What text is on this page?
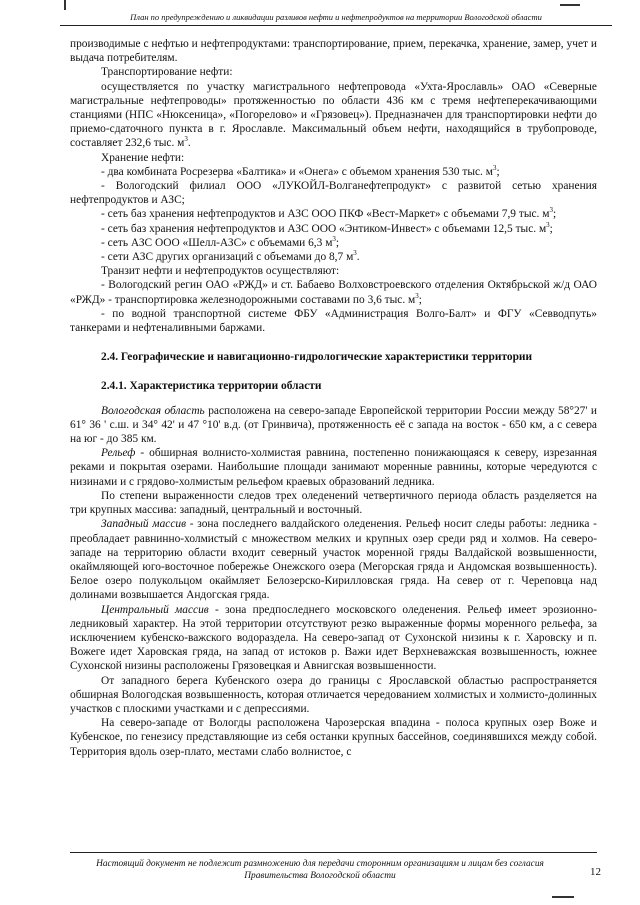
План по предупреждению и ликвидации разливов нефти и нефтепродуктов на территории Вологодской области

производимые с нефтью и нефтепродуктами: транспортирование, прием, перекачка, хранение, замер, учет и выдача потребителям.

Транспортирование нефти:

осуществляется по участку магистрального нефтепровода «Ухта-Ярославль» ОАО «Северные магистральные нефтепроводы» протяженностью по области 436 км с тремя нефтеперекачивающими станциями (НПС «Нюксеница», «Погорелово» и «Грязовец»). Предназначен для транспортировки нефти до приемо-сдаточного пункта в г. Ярославле. Максимальный объем нефти, находящийся в трубопроводе, составляет 232,6 тыс. $м^3$.

Хранение нефти:

- два комбината Росрезерва «Балтика» и «Онега» с объемом хранения 530 тыс. $м^3$;

- Вологодский филиал ООО «ЛУКОЙЛ-Волганефтепродукт» с развитой сетью хранения нефтепродуктов и АЗС;

- сеть баз хранения нефтепродуктов и АЗС ООО ПКФ «Вест-Маркет» с объемами 7,9 тыс. $м^3$;

- сеть баз хранения нефтепродуктов и АЗС ООО «Энтиком-Инвест» с объемами 12,5 тыс. $м^3$;

- сеть АЗС ООО «Шелл-АЗС» с объемами 6,3 $м^3$;

- сети АЗС других организаций с объемами до 8,7 $м^3$.

Транзит нефти и нефтепродуктов осуществляют:

- Вологодский регин ОАО «РЖД» и ст. Бабаево Волховстроевского отделения Октябрьской ж/д ОАО «РЖД» - транспортировка железнодорожными составами по 3,6 тыс. $м^3$;

- по водной транспортной системе ФБУ «Администрация Волго-Балт» и ФГУ «Севводпуть» танкерами и нефтеналивными баржами.

2.4. Географические и навигационно-гидрологические характеристики территории

2.4.1. Характеристика территории области

Вологодская область расположена на северо-западе Европейской территории России между 58°27' и 61° 36 ' с.ш. и 34° 42' и 47 °10' в.д. (от Гринвича), протяженность её с запада на восток - 650 км, а с севера на юг - до 385 км.

Рельеф - обширная волнисто-холмистая равнина, постепенно понижающаяся к северу, изрезанная реками и покрытая озерами. Наибольшие площади занимают моренные равнины, которые чередуются с низинами и с грядово-холмистым рельефом краевых образований ледника.

По степени выраженности следов трех оледенений четвертичного периода область разделяется на три крупных массива: западный, центральный и восточный.

Западный массив - зона последнего валдайского оледенения. Рельеф носит следы работы: ледника - преобладает равнинно-холмистый с множеством мелких и крупных озер среди ряд и холмов. На северо-западе на территорию области входит северный участок моренной гряды Валдайской возвышенности, окаймляющей юго-восточное побережье Онежского озера (Мегорская гряда и Андомская возвышенность). Белое озеро полукольцом окаймляет Белозерско-Кирилловская гряда. На север от г. Череповца над долинами возвышается Андогская гряда.

Центральный массив - зона предпоследнего московского оледенения. Рельеф имеет эрозионно-ледниковый характер. На этой территории отсутствуют резко выраженные формы моренного рельефа, за исключением кубенско-важского водораздела. На северо-запад от Сухонской низины к г. Харовску и п. Вожеге идет Харовская гряда, на запад от истоков р. Важи идет Верхневажская возвышенность, южнее Сухонской низины расположены Грязовецкая и Авнигская возвышенности.

От западного берега Кубенского озера до границы с Ярославской областью распространяется обширная Вологодская возвышенность, которая отличается чередованием холмистых и холмисто-долинных участков с плоскими участками и с депрессиями.

На северо-западе от Вологды расположена Чарозерская впадина - полоса крупных озер Воже и Кубенское, по генезису представляющие из себя останки крупных бассейнов, соединявшихся между собой. Территория вдоль озер-плато, местами слабо волнистое, с

Настоящий документ не подлежит размножению для передачи сторонним организациям и лицам без согласия Правительства Вологодской области	12
